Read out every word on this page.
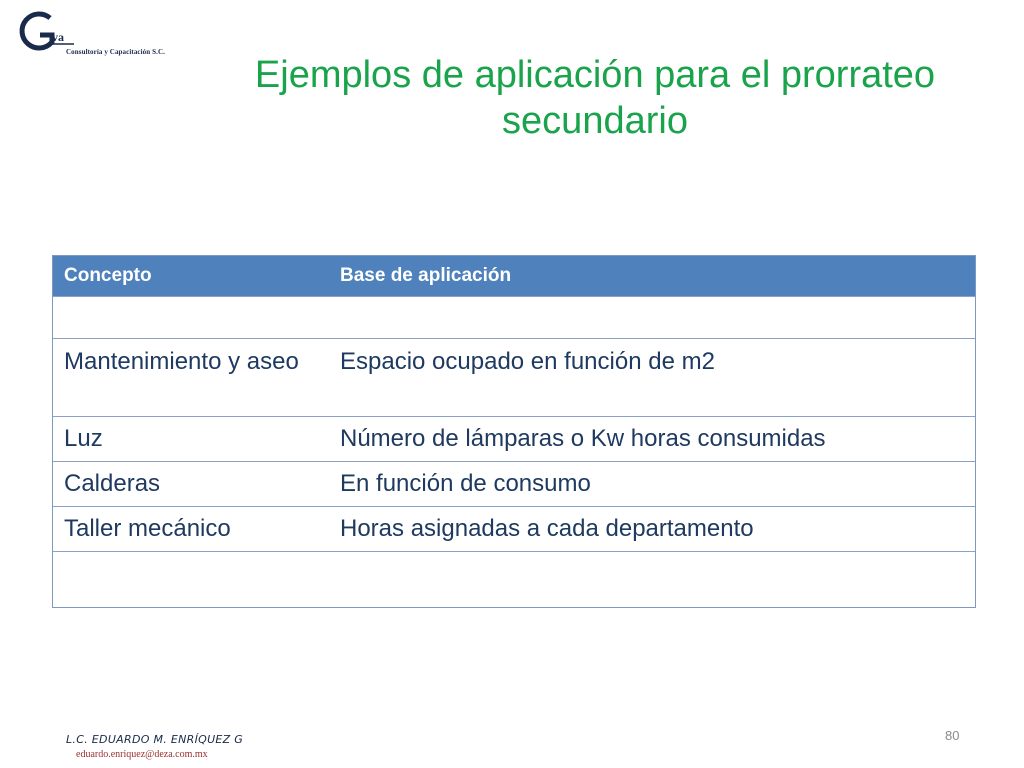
va
Consultoría y Capacitación S.C.
Ejemplos de aplicación para el prorrateo secundario
Concepto	Base de aplicación
Mantenimiento y aseo	Espacio ocupado en función de m2
Luz	Número de lámparas o Kw horas consumidas
Calderas	En función de consumo
Taller mecánico	Horas asignadas a cada departamento
L.C. EDUARDO M. ENRÍQUEZ G
eduardo.enriquez@deza.com.mx
80
